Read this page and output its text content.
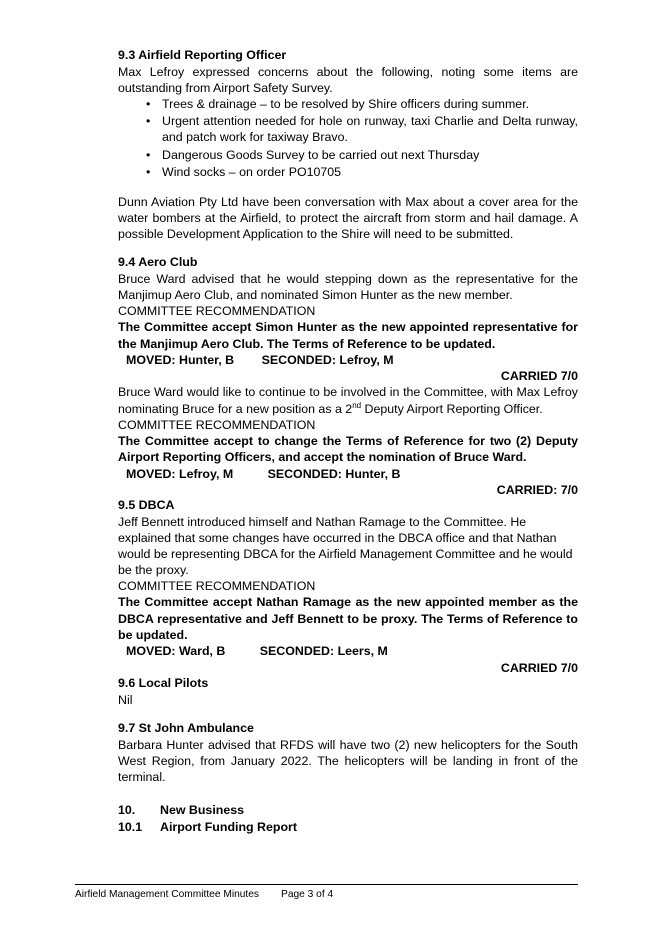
9.3 Airfield Reporting Officer

Max Lefroy expressed concerns about the following, noting some items are outstanding from Airport Safety Survey.

• Trees & drainage – to be resolved by Shire officers during summer.
• Urgent attention needed for hole on runway, taxi Charlie and Delta runway, and patch work for taxiway Bravo.
• Dangerous Goods Survey to be carried out next Thursday
• Wind socks – on order PO10705

Dunn Aviation Pty Ltd have been conversation with Max about a cover area for the water bombers at the Airfield, to protect the aircraft from storm and hail damage. A possible Development Application to the Shire will need to be submitted.

9.4 Aero Club

Bruce Ward advised that he would stepping down as the representative for the Manjimup Aero Club, and nominated Simon Hunter as the new member.

COMMITTEE RECOMMENDATION

The Committee accept Simon Hunter as the new appointed representative for the Manjimup Aero Club. The Terms of Reference to be updated.

MOVED: Hunter, B        SECONDED: Lefroy, M

CARRIED 7/0

Bruce Ward would like to continue to be involved in the Committee, with Max Lefroy nominating Bruce for a new position as a 2nd Deputy Airport Reporting Officer.

COMMITTEE RECOMMENDATION

The Committee accept to change the Terms of Reference for two (2) Deputy Airport Reporting Officers, and accept the nomination of Bruce Ward.

MOVED: Lefroy, M          SECONDED: Hunter, B

CARRIED: 7/0

9.5 DBCA

Jeff Bennett introduced himself and Nathan Ramage to the Committee. He explained that some changes have occurred in the DBCA office and that Nathan would be representing DBCA for the Airfield Management Committee and he would be the proxy.

COMMITTEE RECOMMENDATION

The Committee accept Nathan Ramage as the new appointed member as the DBCA representative and Jeff Bennett to be proxy. The Terms of Reference to be updated.

MOVED: Ward, B          SECONDED: Leers, M

CARRIED 7/0

9.6 Local Pilots

Nil

9.7 St John Ambulance

Barbara Hunter advised that RFDS will have two (2) new helicopters for the South West Region, from January 2022. The helicopters will be landing in front of the terminal.

10. New Business

10.1 Airport Funding Report

Airfield Management Committee Minutes Page 3 of 4
